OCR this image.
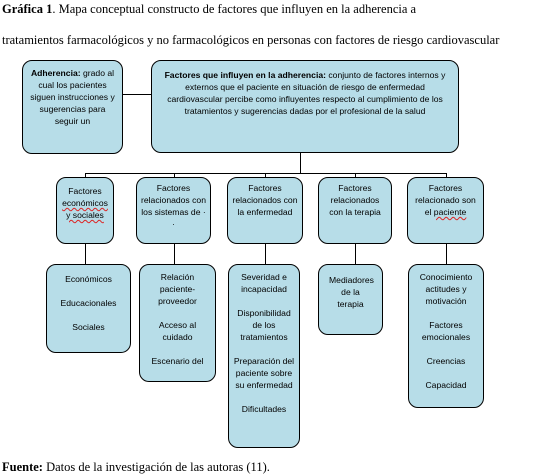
Gráfica 1. Mapa conceptual constructo de factores que influyen en la adherencia a
tratamientos farmacológicos y no farmacológicos en personas con factores de riesgo cardiovascular
Adherencia: grado al cual los pacientes siguen instrucciones y sugerencias para seguir un
Factores que influyen en la adherencia: conjunto de factores internos y externos que el paciente en situación de riesgo de enfermedad cardiovascular percibe como influyentes respecto al cumplimiento de los tratamientos y sugerencias dadas por el profesional de la salud
Factores
económicos
y sociales
Factores relacionados con los sistemas de · ·
Factores relacionados con la enfermedad
Factores relacionados con la terapia
Factores relacionado son el paciente

Económicos

Educacionales

Sociales

Relación paciente-proveedor

Acceso al cuidado

Escenario del

Severidad e incapacidad

Disponibilidad de los tratamientos

Preparación del paciente sobre su enfermedad

Dificultades

Mediadores de la terapia

Conocimiento actitudes y motivación

Factores emocionales

Creencias

Capacidad

Fuente: Datos de la investigación de las autoras (11).
